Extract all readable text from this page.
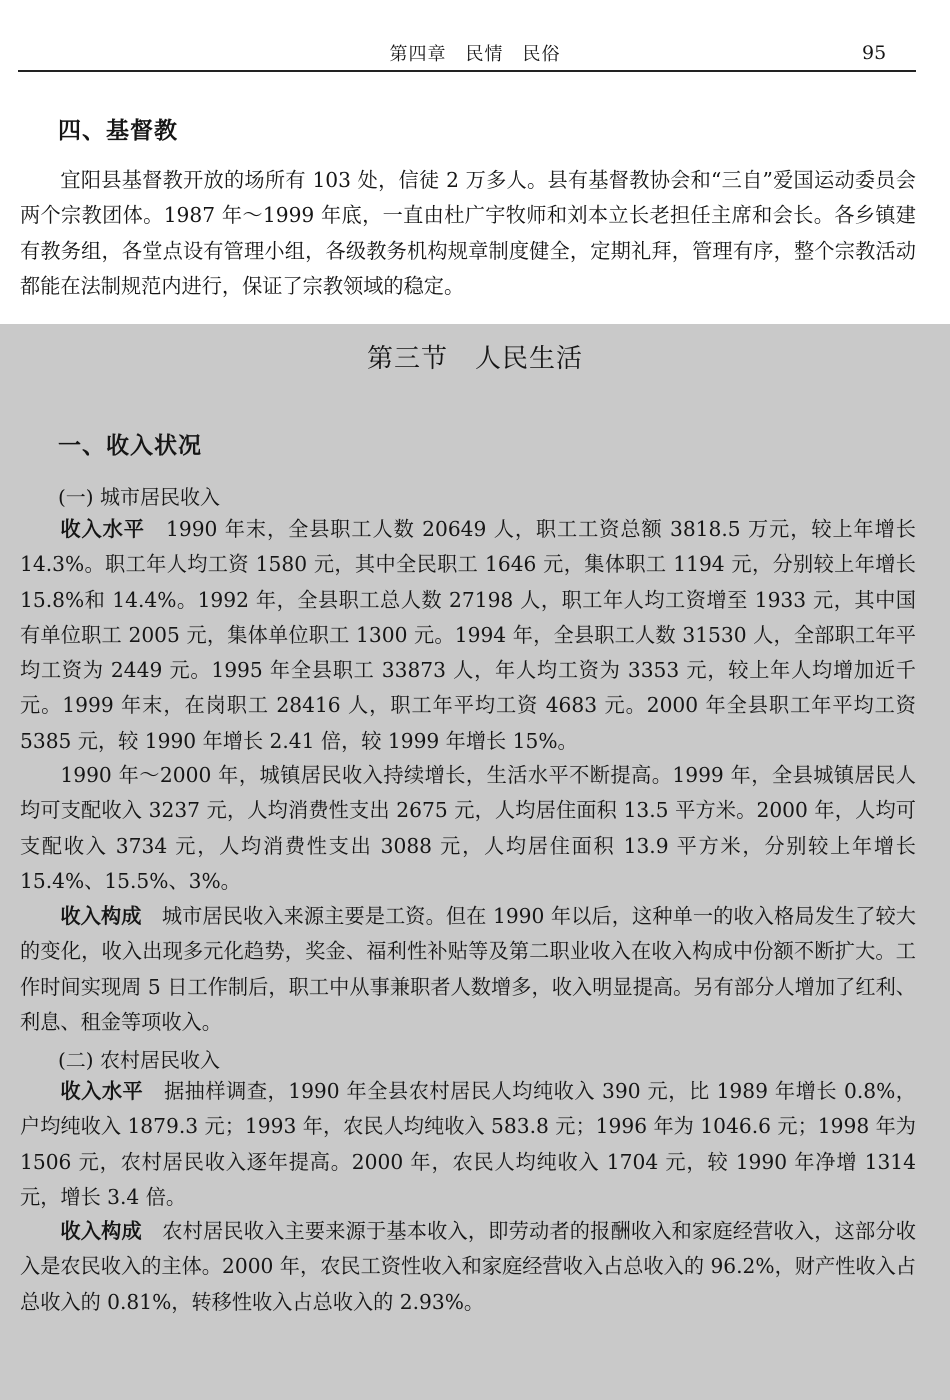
第四章　民情　民俗	95
四、基督教

宜阳县基督教开放的场所有 103 处，信徒 2 万多人。县有基督教协会和“三自”爱国运动委员会两个宗教团体。1987 年～1999 年底，一直由杜广宇牧师和刘本立长老担任主席和会长。各乡镇建有教务组，各堂点设有管理小组，各级教务机构规章制度健全，定期礼拜，管理有序，整个宗教活动都能在法制规范内进行，保证了宗教领域的稳定。

第三节　人民生活
一、收入状况
(一) 城市居民收入

收入水平　 1990 年末，全县职工人数 20649 人，职工工资总额 3818.5 万元，较上年增长 14.3%。职工年人均工资 1580 元，其中全民职工 1646 元，集体职工 1194 元，分别较上年增长 15.8%和 14.4%。1992 年，全县职工总人数 27198 人，职工年人均工资增至 1933 元，其中国有单位职工 2005 元，集体单位职工 1300 元。1994 年，全县职工人数 31530 人，全部职工年平均工资为 2449 元。1995 年全县职工 33873 人，年人均工资为 3353 元，较上年人均增加近千元。1999 年末，在岗职工 28416 人，职工年平均工资 4683 元。2000 年全县职工年平均工资 5385 元，较 1990 年增长 2.41 倍，较 1999 年增长 15%。

1990 年～2000 年，城镇居民收入持续增长，生活水平不断提高。1999 年，全县城镇居民人均可支配收入 3237 元，人均消费性支出 2675 元，人均居住面积 13.5 平方米。2000 年，人均可支配收入 3734 元，人均消费性支出 3088 元，人均居住面积 13.9 平方米，分别较上年增长 15.4%、15.5%、3%。

收入构成　 城市居民收入来源主要是工资。但在 1990 年以后，这种单一的收入格局发生了较大的变化，收入出现多元化趋势，奖金、福利性补贴等及第二职业收入在收入构成中份额不断扩大。工作时间实现周 5 日工作制后，职工中从事兼职者人数增多，收入明显提高。另有部分人增加了红利、利息、租金等项收入。

(二) 农村居民收入

收入水平　 据抽样调查，1990 年全县农村居民人均纯收入 390 元，比 1989 年增长 0.8%，户均纯收入 1879.3 元；1993 年，农民人均纯收入 583.8 元；1996 年为 1046.6 元；1998 年为 1506 元，农村居民收入逐年提高。2000 年，农民人均纯收入 1704 元，较 1990 年净增 1314 元，增长 3.4 倍。

收入构成　 农村居民收入主要来源于基本收入，即劳动者的报酬收入和家庭经营收入，这部分收入是农民收入的主体。2000 年，农民工资性收入和家庭经营收入占总收入的 96.2%，财产性收入占总收入的 0.81%，转移性收入占总收入的 2.93%。
